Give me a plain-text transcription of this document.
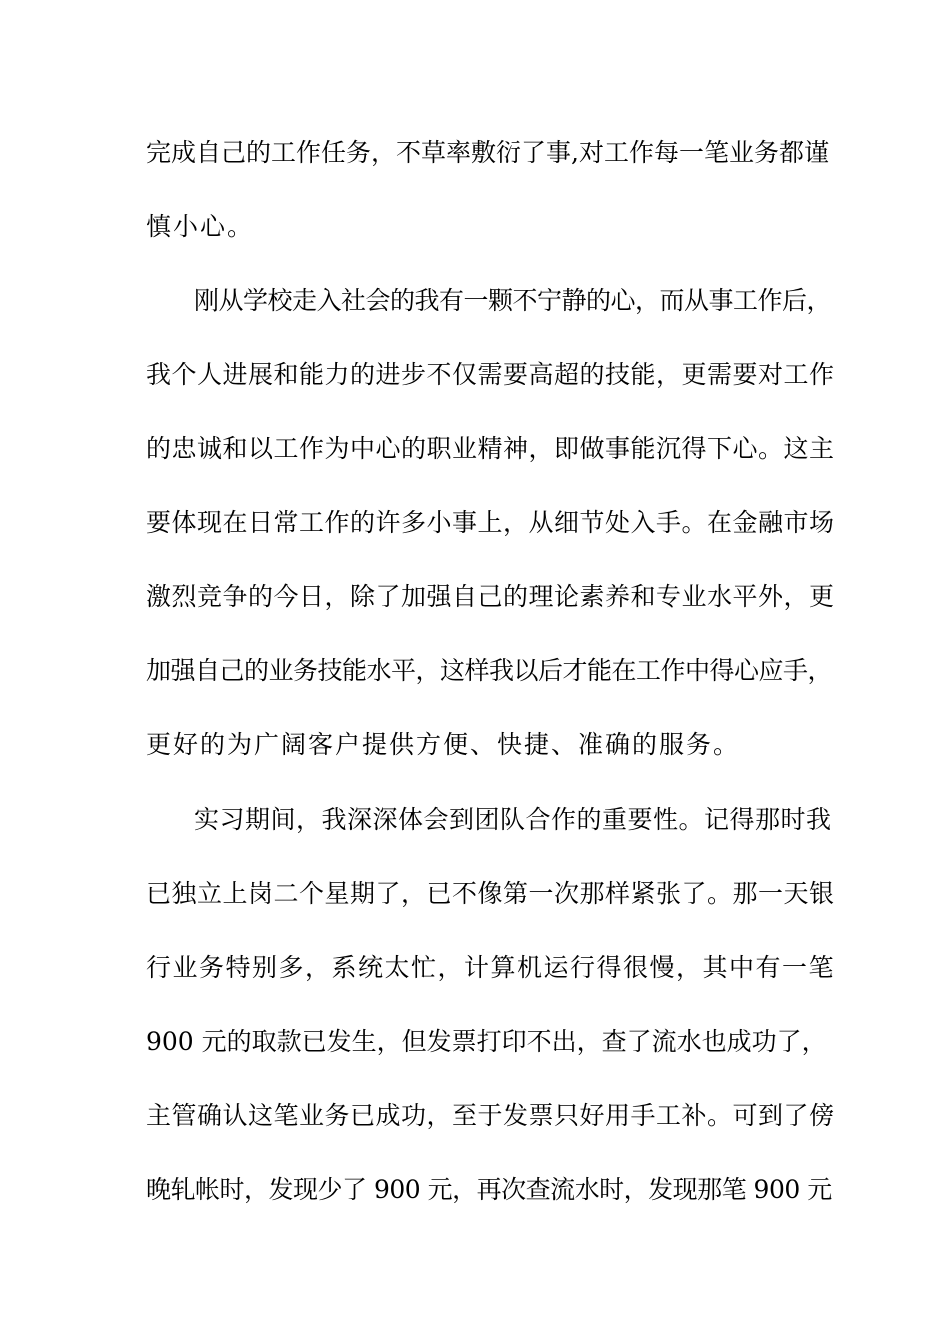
完成自己的工作任务，不草率敷衍了事,对工作每一笔业务都谨
慎小心。
刚从学校走入社会的我有一颗不宁静的心，而从事工作后，
我个人进展和能力的进步不仅需要高超的技能，更需要对工作
的忠诚和以工作为中心的职业精神，即做事能沉得下心。这主
要体现在日常工作的许多小事上，从细节处入手。在金融市场
激烈竞争的今日，除了加强自己的理论素养和专业水平外，更
加强自己的业务技能水平，这样我以后才能在工作中得心应手，
更好的为广阔客户提供方便、快捷、准确的服务。
实习期间，我深深体会到团队合作的重要性。记得那时我
已独立上岗二个星期了，已不像第一次那样紧张了。那一天银
行业务特别多，系统太忙，计算机运行得很慢，其中有一笔
900 元的取款已发生，但发票打印不出，查了流水也成功了，
主管确认这笔业务已成功，至于发票只好用手工补。可到了傍
晚轧帐时，发现少了 900 元，再次查流水时，发现那笔 900 元
